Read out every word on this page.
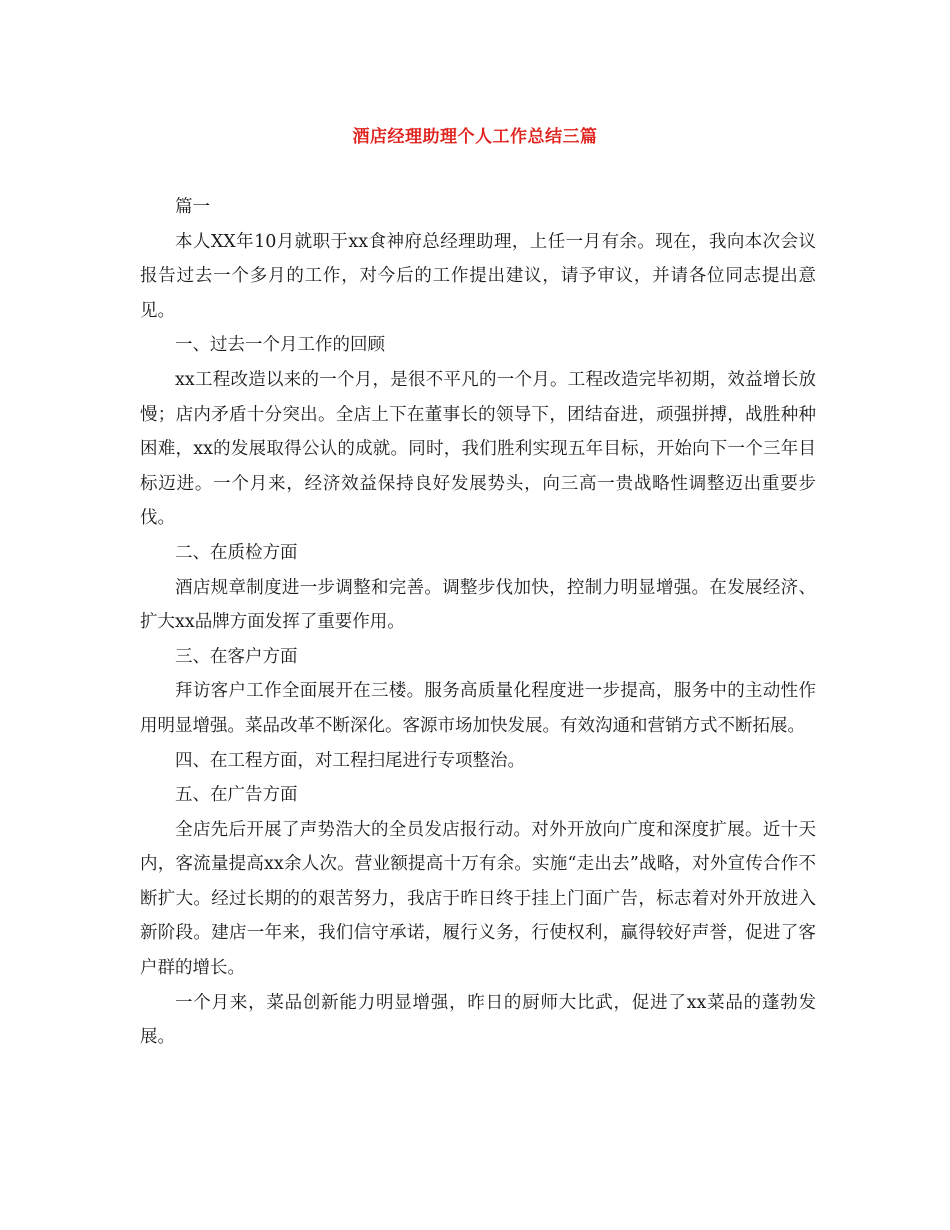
酒店经理助理个人工作总结三篇

篇一

本人XX年10月就职于xx食神府总经理助理，上任一月有余。现在，我向本次会议报告过去一个多月的工作，对今后的工作提出建议，请予审议，并请各位同志提出意见。

一、过去一个月工作的回顾

xx工程改造以来的一个月，是很不平凡的一个月。工程改造完毕初期，效益增长放慢；店内矛盾十分突出。全店上下在董事长的领导下，团结奋进，顽强拼搏，战胜种种困难，xx的发展取得公认的成就。同时，我们胜利实现五年目标，开始向下一个三年目标迈进。一个月来，经济效益保持良好发展势头，向三高一贵战略性调整迈出重要步伐。

二、在质检方面

酒店规章制度进一步调整和完善。调整步伐加快，控制力明显增强。在发展经济、扩大xx品牌方面发挥了重要作用。

三、在客户方面

拜访客户工作全面展开在三楼。服务高质量化程度进一步提高，服务中的主动性作用明显增强。菜品改革不断深化。客源市场加快发展。有效沟通和营销方式不断拓展。

四、在工程方面，对工程扫尾进行专项整治。

五、在广告方面

全店先后开展了声势浩大的全员发店报行动。对外开放向广度和深度扩展。近十天内，客流量提高xx余人次。营业额提高十万有余。实施“走出去”战略，对外宣传合作不断扩大。经过长期的的艰苦努力，我店于昨日终于挂上门面广告，标志着对外开放进入新阶段。建店一年来，我们信守承诺，履行义务，行使权利，赢得较好声誉，促进了客户群的增长。

一个月来，菜品创新能力明显增强，昨日的厨师大比武，促进了xx菜品的蓬勃发展。
